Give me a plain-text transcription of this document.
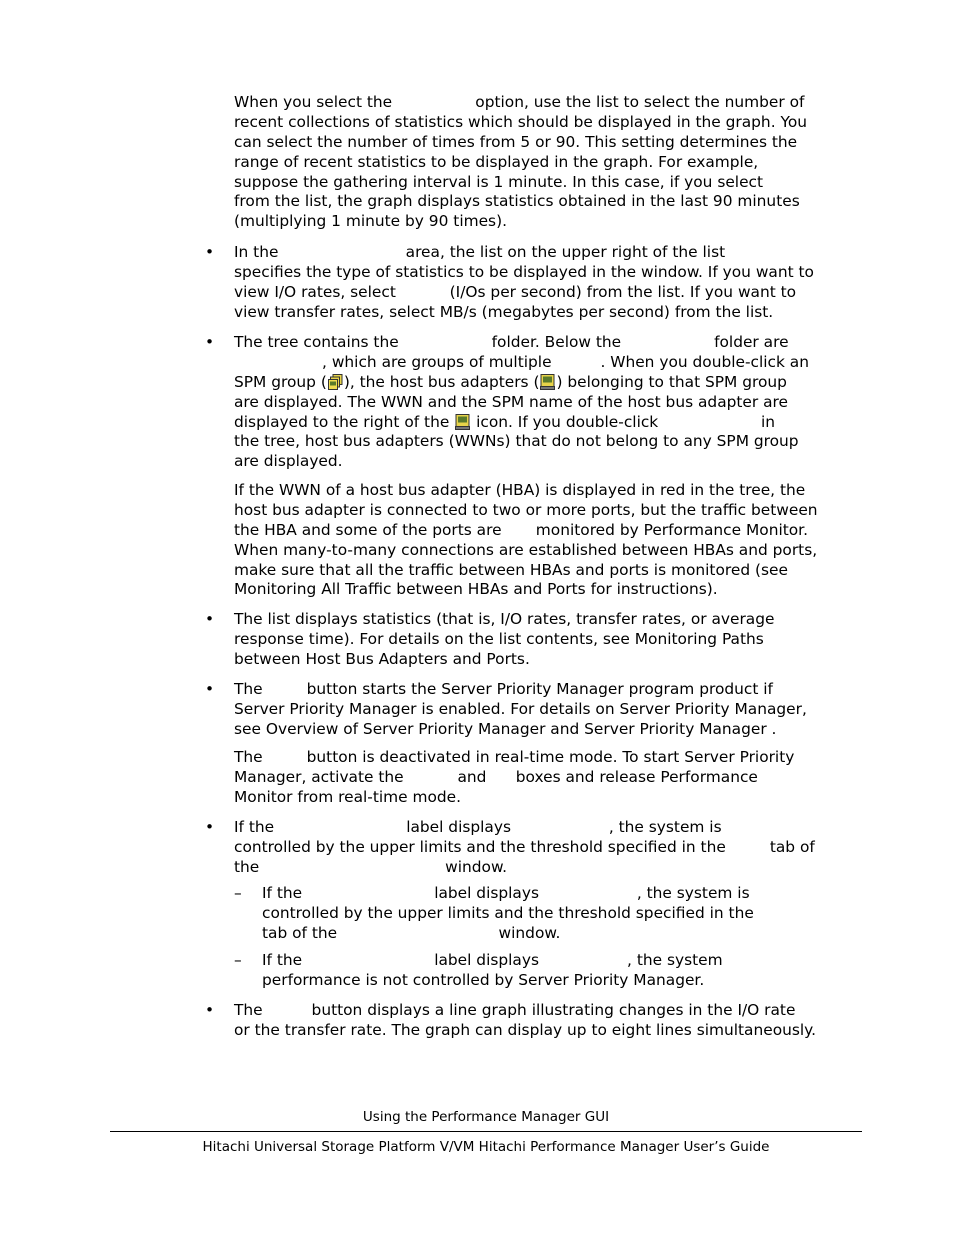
When you select the                 option, use the list to select the number of
recent collections of statistics which should be displayed in the graph. You
can select the number of times from 5 or 90. This setting determines the
range of recent statistics to be displayed in the graph. For example,
suppose the gathering interval is 1 minute. In this case, if you select
from the list, the graph displays statistics obtained in the last 90 minutes
(multiplying 1 minute by 90 times).
• In the                          area, the list on the upper right of the list
specifies the type of statistics to be displayed in the window. If you want to
view I/O rates, select           (I/Os per second) from the list. If you want to
view transfer rates, select MB/s (megabytes per second) from the list.
• The tree contains the                   folder. Below the                   folder are
, which are groups of multiple          . When you double-click an
SPM group ( ), the host bus adapters ( ) belonging to that SPM group
are displayed. The WWN and the SPM name of the host bus adapter are
displayed to the right of the  icon. If you double-click                     in
the tree, host bus adapters (WWNs) that do not belong to any SPM group
are displayed.
If the WWN of a host bus adapter (HBA) is displayed in red in the tree, the
host bus adapter is connected to two or more ports, but the traffic between
the HBA and some of the ports are       monitored by Performance Monitor.
When many-to-many connections are established between HBAs and ports,
make sure that all the traffic between HBAs and ports is monitored (see
Monitoring All Traffic between HBAs and Ports for instructions).
• The list displays statistics (that is, I/O rates, transfer rates, or average
response time). For details on the list contents, see Monitoring Paths
between Host Bus Adapters and Ports.
• The         button starts the Server Priority Manager program product if
Server Priority Manager is enabled. For details on Server Priority Manager,
see Overview of Server Priority Manager and Server Priority Manager .
The         button is deactivated in real-time mode. To start Server Priority
Manager, activate the           and      boxes and release Performance
Monitor from real-time mode.
• If the                           label displays                    , the system is
controlled by the upper limits and the threshold specified in the         tab of
the                                      window.
– If the                           label displays                    , the system is
controlled by the upper limits and the threshold specified in the
tab of the                                 window.
– If the                           label displays                  , the system
performance is not controlled by Server Priority Manager.
• The          button displays a line graph illustrating changes in the I/O rate
or the transfer rate. The graph can display up to eight lines simultaneously.
Using the Performance Manager GUI
Hitachi Universal Storage Platform V/VM Hitachi Performance Manager User’s Guide
